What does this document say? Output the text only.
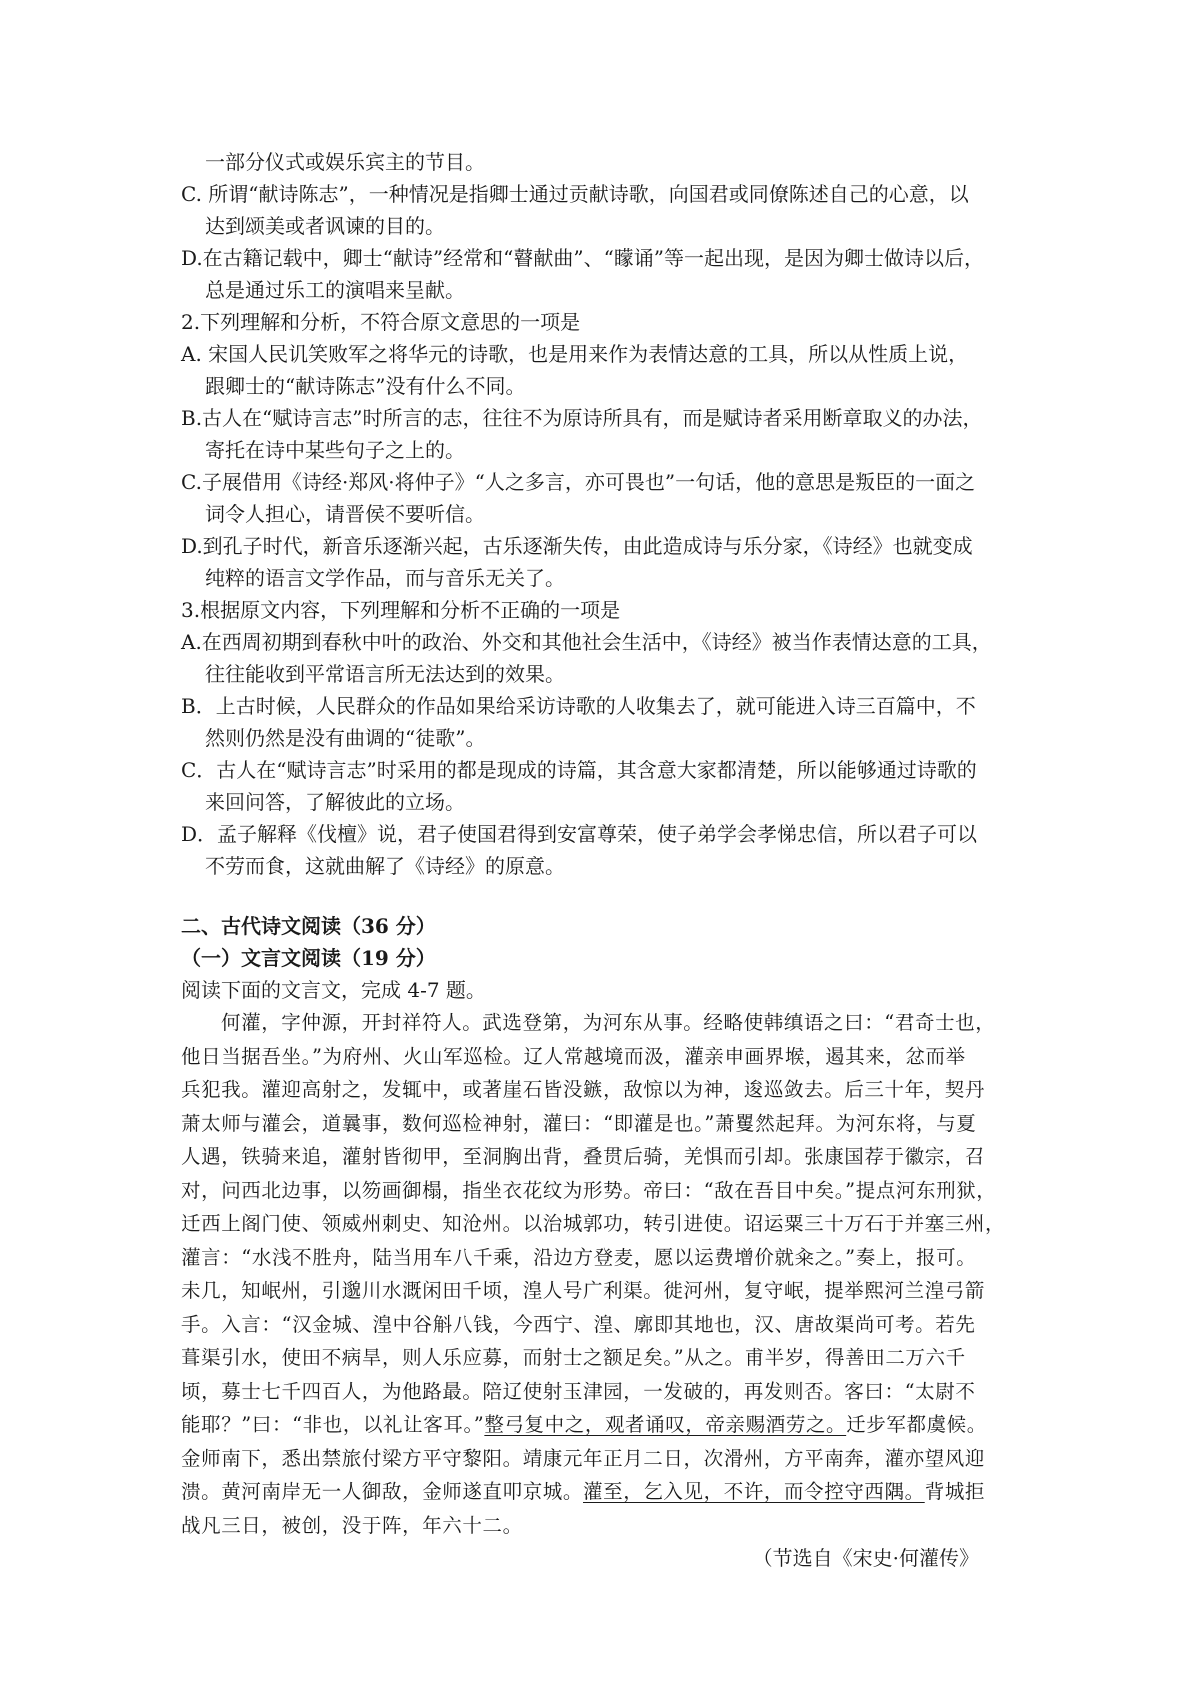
一部分仪式或娱乐宾主的节目。
C. 所谓“献诗陈志”，一种情况是指卿士通过贡献诗歌，向国君或同僚陈述自己的心意，以
达到颂美或者讽谏的目的。
D.在古籍记载中，卿士“献诗”经常和“瞽献曲”、“矇诵”等一起出现，是因为卿士做诗以后，
总是通过乐工的演唱来呈献。
2.下列理解和分析，不符合原文意思的一项是
A. 宋国人民讥笑败军之将华元的诗歌，也是用来作为表情达意的工具，所以从性质上说，
跟卿士的“献诗陈志”没有什么不同。
B.古人在“赋诗言志”时所言的志，往往不为原诗所具有，而是赋诗者采用断章取义的办法，
寄托在诗中某些句子之上的。
C.子展借用《诗经·郑风·将仲子》“人之多言，亦可畏也”一句话，他的意思是叛臣的一面之
词令人担心，请晋侯不要听信。
D.到孔子时代，新音乐逐渐兴起，古乐逐渐失传，由此造成诗与乐分家，《诗经》也就变成
纯粹的语言文学作品，而与音乐无关了。
3.根据原文内容，下列理解和分析不正确的一项是
A.在西周初期到春秋中叶的政治、外交和其他社会生活中，《诗经》被当作表情达意的工具，
往往能收到平常语言所无法达到的效果。
B．上古时候，人民群众的作品如果给采访诗歌的人收集去了，就可能进入诗三百篇中，不
然则仍然是没有曲调的“徒歌”。
C．古人在“赋诗言志”时采用的都是现成的诗篇，其含意大家都清楚，所以能够通过诗歌的
来回问答，了解彼此的立场。
D．孟子解释《伐檀》说，君子使国君得到安富尊荣，使子弟学会孝悌忠信，所以君子可以
不劳而食，这就曲解了《诗经》的原意。
二、古代诗文阅读（36 分）
（一）文言文阅读（19 分）
阅读下面的文言文，完成 4-7 题。
何灌，字仲源，开封祥符人。武选登第，为河东从事。经略使韩缜语之曰：“君奇士也，
他日当据吾坐。”为府州、火山军巡检。辽人常越境而汲，灌亲申画界堠，遏其来，忿而举
兵犯我。灌迎高射之，发辄中，或著崖石皆没鏃，敌惊以为神，逡巡敛去。后三十年，契丹
萧太师与灌会，道曩事，数何巡检神射，灌曰：“即灌是也。”萧矍然起拜。为河东将，与夏
人遇，铁骑来追，灌射皆彻甲，至洞胸出背，叠贯后骑，羌惧而引却。张康国荐于徽宗，召
对，问西北边事，以笏画御榻，指坐衣花纹为形势。帝曰：“敌在吾目中矣。”提点河东刑狱，
迁西上阁门使、领威州刺史、知沧州。以治城郭功，转引进使。诏运粟三十万石于并塞三州，
灌言：“水浅不胜舟，陆当用车八千乘，沿边方登麦，愿以运费增价就籴之。”奏上，报可。
未几，知岷州，引邈川水溉闲田千顷，湟人号广利渠。徙河州，复守岷，提举熙河兰湟弓箭
手。入言：“汉金城、湟中谷斛八钱，今西宁、湟、廓即其地也，汉、唐故渠尚可考。若先
葺渠引水，使田不病旱，则人乐应募，而射士之额足矣。”从之。甫半岁，得善田二万六千
顷，募士七千四百人，为他路最。陪辽使射玉津园，一发破的，再发则否。客曰：“太尉不
能耶？”曰：“非也，以礼让客耳。”整弓复中之，观者诵叹，帝亲赐酒劳之。迁步军都虞候。
金师南下，悉出禁旅付梁方平守黎阳。靖康元年正月二日，次滑州，方平南奔，灌亦望风迎
溃。黄河南岸无一人御敌，金师遂直叩京城。灌至，乞入见，不许，而令控守西隅。背城拒
战凡三日，被创，没于阵，年六十二。
（节选自《宋史·何灌传》
